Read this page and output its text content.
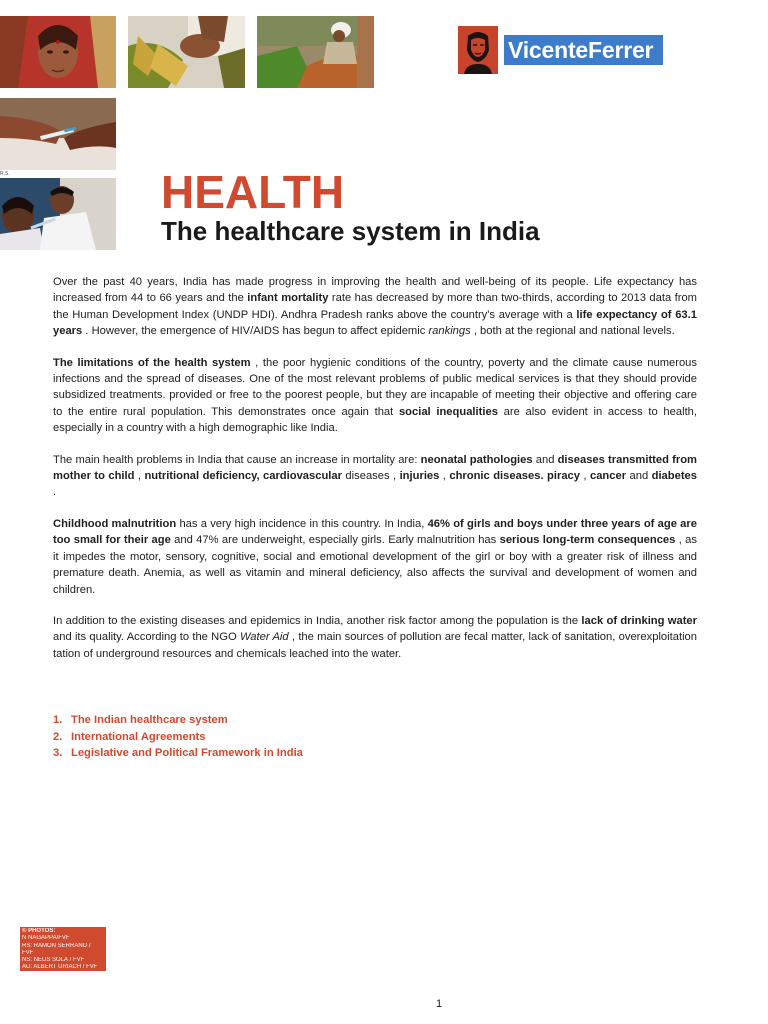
R.S.
VicenteFerrer
HEALTH
The healthcare system in India

Over the past 40 years, India has made progress in improving the health and well-being of its people. Life expectancy has increased from 44 to 66 years and the infant mortality rate has decreased by more than two-thirds, according to 2013 data from the Human Development Index (UNDP HDI). Andhra Pradesh ranks above the country's average with a life expectancy of 63.1 years . However, the emergence of HIV/AIDS has begun to affect epidemic rankings , both at the regional and national levels.

The limitations of the health system , the poor hygienic conditions of the country, poverty and the climate cause numerous infections and the spread of diseases. One of the most relevant problems of public medical services is that they should provide subsidized treatments. provided or free to the poorest people, but they are incapable of meeting their objective and offering care to the entire rural population. This demonstrates once again that social inequalities are also evident in access to health, especially in a country with a high demographic like India.

The main health problems in India that cause an increase in mortality are: neonatal pathologies and diseases transmitted from mother to child , nutritional deficiency, cardiovascular diseases , injuries , chronic diseases. piracy , cancer and diabetes .

Childhood malnutrition has a very high incidence in this country. In India, 46% of girls and boys under three years of age are too small for their age and 47% are underweight, especially girls. Early malnutrition has serious long-term consequences , as it impedes the motor, sensory, cognitive, social and emotional development of the girl or boy with a greater risk of illness and premature death. Anemia, as well as vitamin and mineral deficiency, also affects the survival and development of women and children.

In addition to the existing diseases and epidemics in India, another risk factor among the population is the lack of drinking water and its quality. According to the NGO Water Aid , the main sources of pollution are fecal matter, lack of sanitation, overexploitation tation of underground resources and chemicals leached into the water.

1. The Indian healthcare system
2. International Agreements
3. Legislative and Political Framework in India
© PHOTOS:
N NAGAPPA/FVF
RS: RAMÓN SERRANO /
FVF
NS: NEUS SOLÀ / FVF
AU: ALBERT URIACH / FVF
1
